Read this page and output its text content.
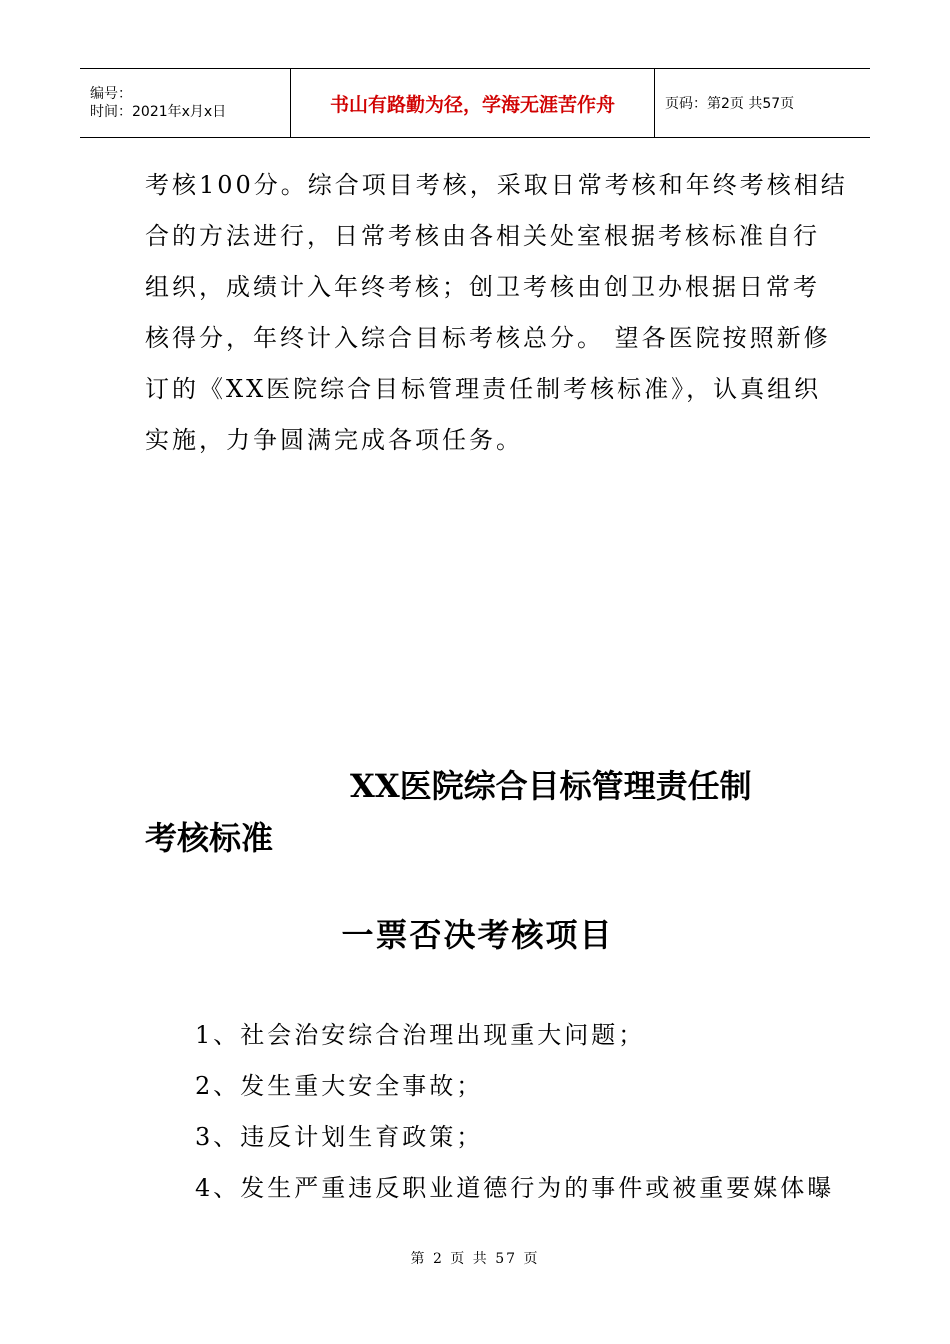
编号：
时间：2021年x月x日	书山有路勤为径，学海无涯苦作舟	页码：第2页 共57页

考核100分。综合项目考核，采取日常考核和年终考核相结

合的方法进行，日常考核由各相关处室根据考核标准自行

组织，成绩计入年终考核；创卫考核由创卫办根据日常考

核得分，年终计入综合目标考核总分。 望各医院按照新修

订的《XX医院综合目标管理责任制考核标准》，认真组织

实施，力争圆满完成各项任务。

XX医院综合目标管理责任制
考核标准
一票否决考核项目
1、社会治安综合治理出现重大问题；
2、发生重大安全事故；
3、违反计划生育政策；
4、发生严重违反职业道德行为的事件或被重要媒体曝
第 2 页 共 57 页
